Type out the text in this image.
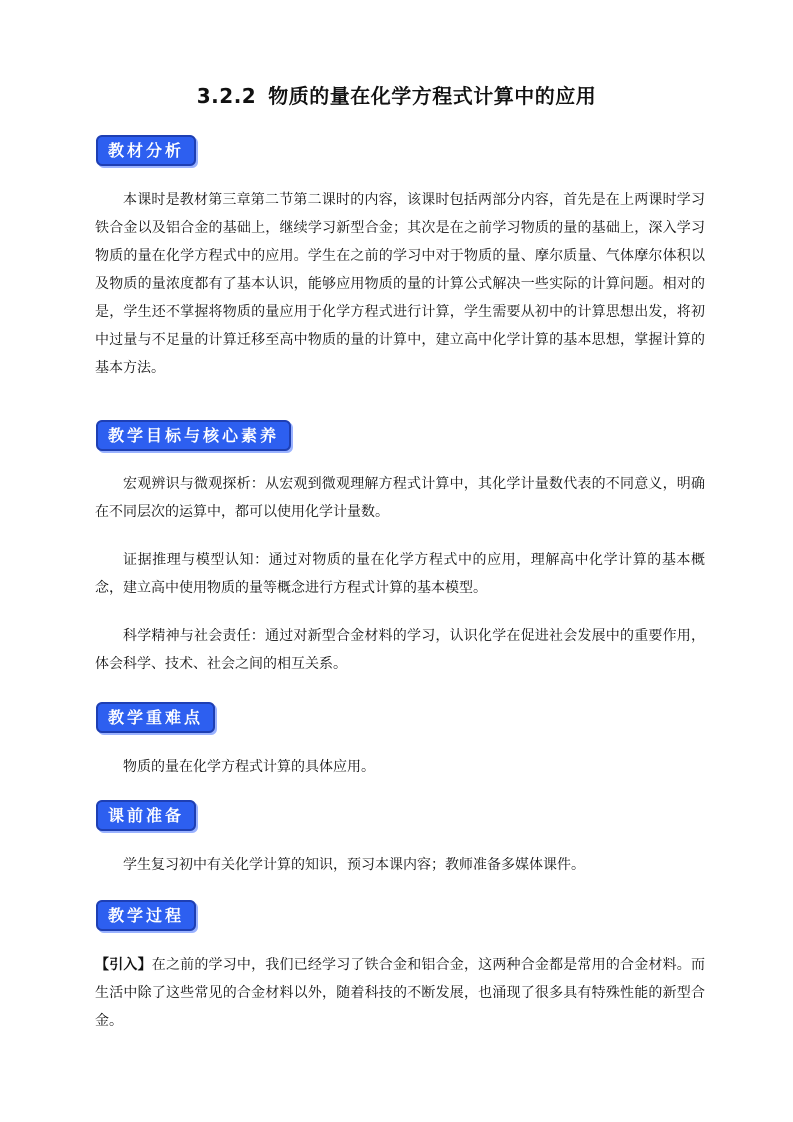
3.2.2 物质的量在化学方程式计算中的应用
教材分析
本课时是教材第三章第二节第二课时的内容，该课时包括两部分内容，首先是在上两课时学习铁合金以及铝合金的基础上，继续学习新型合金；其次是在之前学习物质的量的基础上，深入学习物质的量在化学方程式中的应用。学生在之前的学习中对于物质的量、摩尔质量、气体摩尔体积以及物质的量浓度都有了基本认识，能够应用物质的量的计算公式解决一些实际的计算问题。相对的是，学生还不掌握将物质的量应用于化学方程式进行计算，学生需要从初中的计算思想出发，将初中过量与不足量的计算迁移至高中物质的量的计算中，建立高中化学计算的基本思想，掌握计算的基本方法。
教学目标与核心素养
宏观辨识与微观探析：从宏观到微观理解方程式计算中，其化学计量数代表的不同意义，明确在不同层次的运算中，都可以使用化学计量数。
证据推理与模型认知：通过对物质的量在化学方程式中的应用，理解高中化学计算的基本概念，建立高中使用物质的量等概念进行方程式计算的基本模型。
科学精神与社会责任：通过对新型合金材料的学习，认识化学在促进社会发展中的重要作用，体会科学、技术、社会之间的相互关系。
教学重难点
物质的量在化学方程式计算的具体应用。
课前准备
学生复习初中有关化学计算的知识，预习本课内容；教师准备多媒体课件。
教学过程
【引入】在之前的学习中，我们已经学习了铁合金和铝合金，这两种合金都是常用的合金材料。而生活中除了这些常见的合金材料以外，随着科技的不断发展，也涌现了很多具有特殊性能的新型合金。
